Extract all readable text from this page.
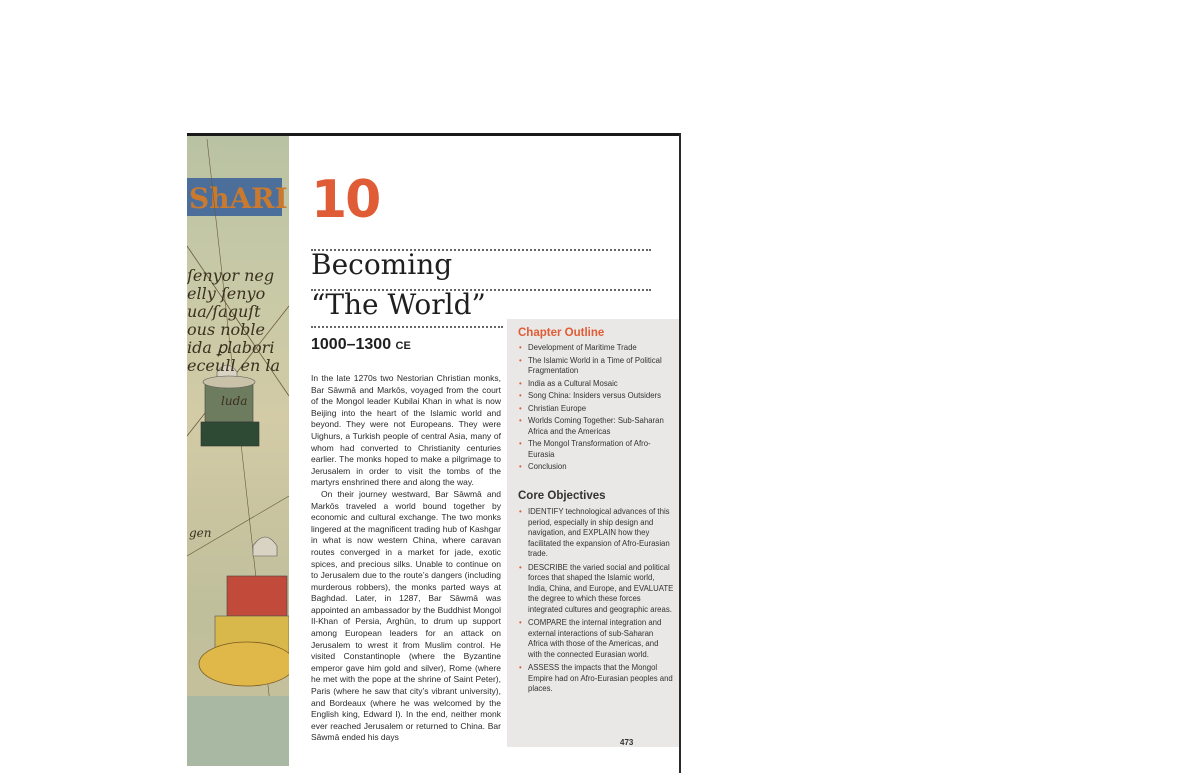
ShARI
ſenyor neg
elly ſenyo
ua/ſaguſt
ous noble
ida ꝑlabori
eceull en la
luda
gen
10
Becoming
“The World”
1000–1300 CE

In the late 1270s two Nestorian Christian monks, Bar Sāwmā and Markōs, voyaged from the court of the Mongol leader Kubilai Khan in what is now Beijing into the heart of the Islamic world and beyond. They were not Europeans. They were Uighurs, a Turkish people of central Asia, many of whom had converted to Christianity centuries earlier. The monks hoped to make a pilgrimage to Jerusalem in order to visit the tombs of the martyrs enshrined there and along the way.

On their journey westward, Bar Sāwmā and Markōs traveled a world bound together by economic and cultural exchange. The two monks lingered at the magnificent trading hub of Kashgar in what is now western China, where caravan routes converged in a market for jade, exotic spices, and precious silks. Unable to continue on to Jerusalem due to the route’s dangers (including murderous robbers), the monks parted ways at Baghdad. Later, in 1287, Bar Sāwmā was appointed an ambassador by the Buddhist Mongol Il-Khan of Persia, Arghūn, to drum up support among European leaders for an attack on Jerusalem to wrest it from Muslim control. He visited Constantinople (where the Byzantine emperor gave him gold and silver), Rome (where he met with the pope at the shrine of Saint Peter), Paris (where he saw that city’s vibrant university), and Bordeaux (where he was welcomed by the English king, Edward I). In the end, neither monk ever reached Jerusalem or returned to China. Bar Sāwmā ended his days

Chapter Outline
• Development of Maritime Trade
• The Islamic World in a Time of Political Fragmentation
• India as a Cultural Mosaic
• Song China: Insiders versus Outsiders
• Christian Europe
• Worlds Coming Together: Sub-Saharan Africa and the Americas
• The Mongol Transformation of Afro-Eurasia
• Conclusion
Core Objectives
• IDENTIFY technological advances of this period, especially in ship design and navigation, and EXPLAIN how they facilitated the expansion of Afro-Eurasian trade.
• DESCRIBE the varied social and political forces that shaped the Islamic world, India, China, and Europe, and EVALUATE the degree to which these forces integrated cultures and geographic areas.
• COMPARE the internal integration and external interactions of sub-Saharan Africa with those of the Americas, and with the connected Eurasian world.
• ASSESS the impacts that the Mongol Empire had on Afro-Eurasian peoples and places.
473
